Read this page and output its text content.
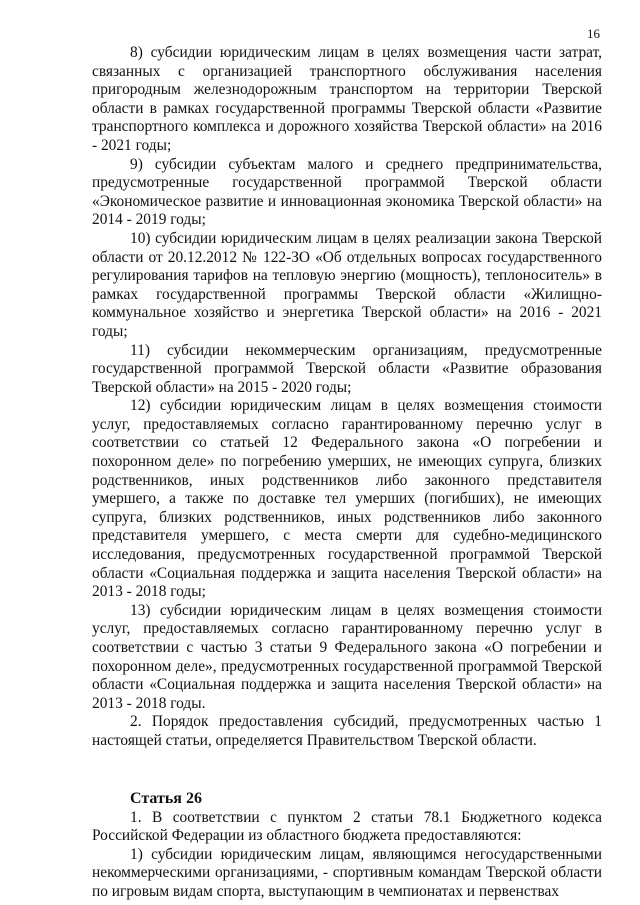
16

8) субсидии юридическим лицам в целях возмещения части затрат, связанных с организацией транспортного обслуживания населения пригородным железнодорожным транспортом на территории Тверской области в рамках государственной программы Тверской области «Развитие транспортного комплекса и дорожного хозяйства Тверской области» на 2016 - 2021 годы;

9) субсидии субъектам малого и среднего предпринимательства, предусмотренные государственной программой Тверской области «Экономическое развитие и инновационная экономика Тверской области» на 2014 - 2019 годы;

10) субсидии юридическим лицам в целях реализации закона Тверской области от 20.12.2012 № 122-ЗО «Об отдельных вопросах государственного регулирования тарифов на тепловую энергию (мощность), теплоноситель» в рамках государственной программы Тверской области «Жилищно-коммунальное хозяйство и энергетика Тверской области» на 2016 - 2021 годы;

11) субсидии некоммерческим организациям, предусмотренные государственной программой Тверской области «Развитие образования Тверской области» на 2015 - 2020 годы;

12) субсидии юридическим лицам в целях возмещения стоимости услуг, предоставляемых согласно гарантированному перечню услуг в соответствии со статьей 12 Федерального закона «О погребении и похоронном деле» по погребению умерших, не имеющих супруга, близких родственников, иных родственников либо законного представителя умершего, а также по доставке тел умерших (погибших), не имеющих супруга, близких родственников, иных родственников либо законного представителя умершего, с места смерти для судебно-медицинского исследования, предусмотренных государственной программой Тверской области «Социальная поддержка и защита населения Тверской области» на 2013 - 2018 годы;

13) субсидии юридическим лицам в целях возмещения стоимости услуг, предоставляемых согласно гарантированному перечню услуг в соответствии с частью 3 статьи 9 Федерального закона «О погребении и похоронном деле», предусмотренных государственной программой Тверской области «Социальная поддержка и защита населения Тверской области» на 2013 - 2018 годы.

2. Порядок предоставления субсидий, предусмотренных частью 1 настоящей статьи, определяется Правительством Тверской области.

Статья 26

1. В соответствии с пунктом 2 статьи 78.1 Бюджетного кодекса Российской Федерации из областного бюджета предоставляются:

1) субсидии юридическим лицам, являющимся негосударственными некоммерческими организациями, - спортивным командам Тверской области по игровым видам спорта, выступающим в чемпионатах и первенствах
